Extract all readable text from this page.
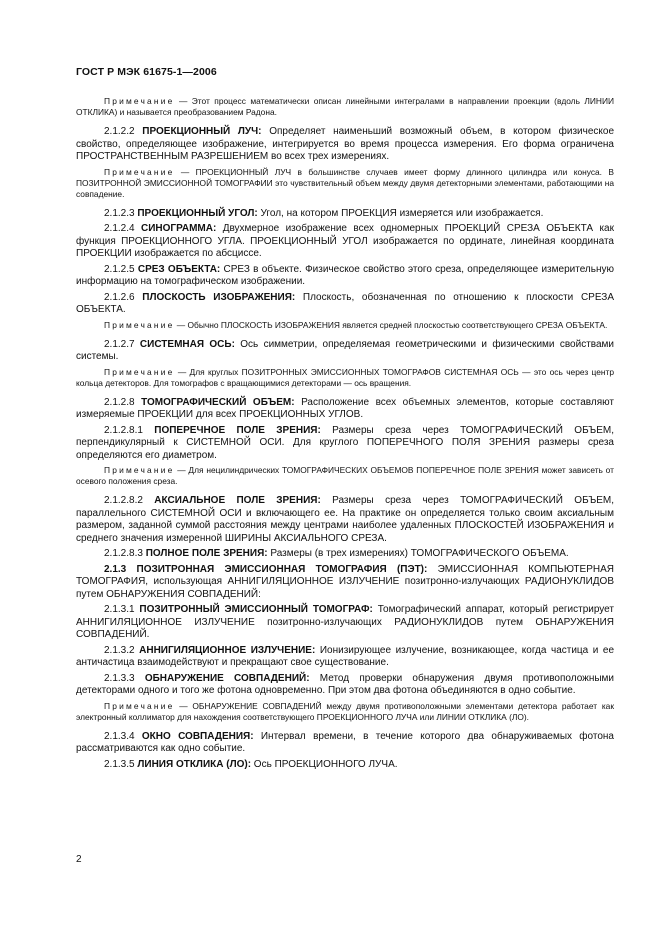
ГОСТ Р МЭК 61675-1—2006

Примечание — Этот процесс математически описан линейными интегралами в направлении проекции (вдоль ЛИНИИ ОТКЛИКА) и называется преобразованием Радона.

2.1.2.2 ПРОЕКЦИОННЫЙ ЛУЧ: Определяет наименьший возможный объем, в котором физическое свойство, определяющее изображение, интегрируется во время процесса измерения. Его форма ограничена ПРОСТРАНСТВЕННЫМ РАЗРЕШЕНИЕМ во всех трех измерениях.

Примечание — ПРОЕКЦИОННЫЙ ЛУЧ в большинстве случаев имеет форму длинного цилиндра или конуса. В ПОЗИТРОННОЙ ЭМИССИОННОЙ ТОМОГРАФИИ это чувствительный объем между двумя детекторными элементами, работающими на совпадение.

2.1.2.3 ПРОЕКЦИОННЫЙ УГОЛ: Угол, на котором ПРОЕКЦИЯ измеряется или изображается.

2.1.2.4 СИНОГРАММА: Двухмерное изображение всех одномерных ПРОЕКЦИЙ СРЕЗА ОБЪЕКТА как функция ПРОЕКЦИОННОГО УГЛА. ПРОЕКЦИОННЫЙ УГОЛ изображается по ординате, линейная координата ПРОЕКЦИИ изображается по абсциссе.

2.1.2.5 СРЕЗ ОБЪЕКТА: СРЕЗ в объекте. Физическое свойство этого среза, определяющее измерительную информацию на томографическом изображении.

2.1.2.6 ПЛОСКОСТЬ ИЗОБРАЖЕНИЯ: Плоскость, обозначенная по отношению к плоскости СРЕЗА ОБЪЕКТА.

Примечание — Обычно ПЛОСКОСТЬ ИЗОБРАЖЕНИЯ является средней плоскостью соответствующего СРЕЗА ОБЪЕКТА.

2.1.2.7 СИСТЕМНАЯ ОСЬ: Ось симметрии, определяемая геометрическими и физическими свойствами системы.

Примечание — Для круглых ПОЗИТРОННЫХ ЭМИССИОННЫХ ТОМОГРАФОВ СИСТЕМНАЯ ОСЬ — это ось через центр кольца детекторов. Для томографов с вращающимися детекторами — ось вращения.

2.1.2.8 ТОМОГРАФИЧЕСКИЙ ОБЪЕМ: Расположение всех объемных элементов, которые составляют измеряемые ПРОЕКЦИИ для всех ПРОЕКЦИОННЫХ УГЛОВ.

2.1.2.8.1 ПОПЕРЕЧНОЕ ПОЛЕ ЗРЕНИЯ: Размеры среза через ТОМОГРАФИЧЕСКИЙ ОБЪЕМ, перпендикулярный к СИСТЕМНОЙ ОСИ. Для круглого ПОПЕРЕЧНОГО ПОЛЯ ЗРЕНИЯ размеры среза определяются его диаметром.

Примечание — Для нецилиндрических ТОМОГРАФИЧЕСКИХ ОБЪЕМОВ ПОПЕРЕЧНОЕ ПОЛЕ ЗРЕНИЯ может зависеть от осевого положения среза.

2.1.2.8.2 АКСИАЛЬНОЕ ПОЛЕ ЗРЕНИЯ: Размеры среза через ТОМОГРАФИЧЕСКИЙ ОБЪЕМ, параллельного СИСТЕМНОЙ ОСИ и включающего ее. На практике он определяется только своим аксиальным размером, заданной суммой расстояния между центрами наиболее удаленных ПЛОСКОСТЕЙ ИЗОБРАЖЕНИЯ и среднего значения измеренной ШИРИНЫ АКСИАЛЬНОГО СРЕЗА.

2.1.2.8.3 ПОЛНОЕ ПОЛЕ ЗРЕНИЯ: Размеры (в трех измерениях) ТОМОГРАФИЧЕСКОГО ОБЪЕМА.

2.1.3 ПОЗИТРОННАЯ ЭМИССИОННАЯ ТОМОГРАФИЯ (ПЭТ): ЭМИССИОННАЯ КОМПЬЮТЕРНАЯ ТОМОГРАФИЯ, использующая АННИГИЛЯЦИОННОЕ ИЗЛУЧЕНИЕ позитронно-излучающих РАДИОНУКЛИДОВ путем ОБНАРУЖЕНИЯ СОВПАДЕНИЙ:

2.1.3.1 ПОЗИТРОННЫЙ ЭМИССИОННЫЙ ТОМОГРАФ: Томографический аппарат, который регистрирует АННИГИЛЯЦИОННОЕ ИЗЛУЧЕНИЕ позитронно-излучающих РАДИОНУКЛИДОВ путем ОБНАРУЖЕНИЯ СОВПАДЕНИЙ.

2.1.3.2 АННИГИЛЯЦИОННОЕ ИЗЛУЧЕНИЕ: Ионизирующее излучение, возникающее, когда частица и ее античастица взаимодействуют и прекращают свое существование.

2.1.3.3 ОБНАРУЖЕНИЕ СОВПАДЕНИЙ: Метод проверки обнаружения двумя противоположными детекторами одного и того же фотона одновременно. При этом два фотона объединяются в одно событие.

Примечание — ОБНАРУЖЕНИЕ СОВПАДЕНИЙ между двумя противоположными элементами детектора работает как электронный коллиматор для нахождения соответствующего ПРОЕКЦИОННОГО ЛУЧА или ЛИНИИ ОТКЛИКА (ЛО).

2.1.3.4 ОКНО СОВПАДЕНИЯ: Интервал времени, в течение которого два обнаруживаемых фотона рассматриваются как одно событие.

2.1.3.5 ЛИНИЯ ОТКЛИКА (ЛО): Ось ПРОЕКЦИОННОГО ЛУЧА.

2
